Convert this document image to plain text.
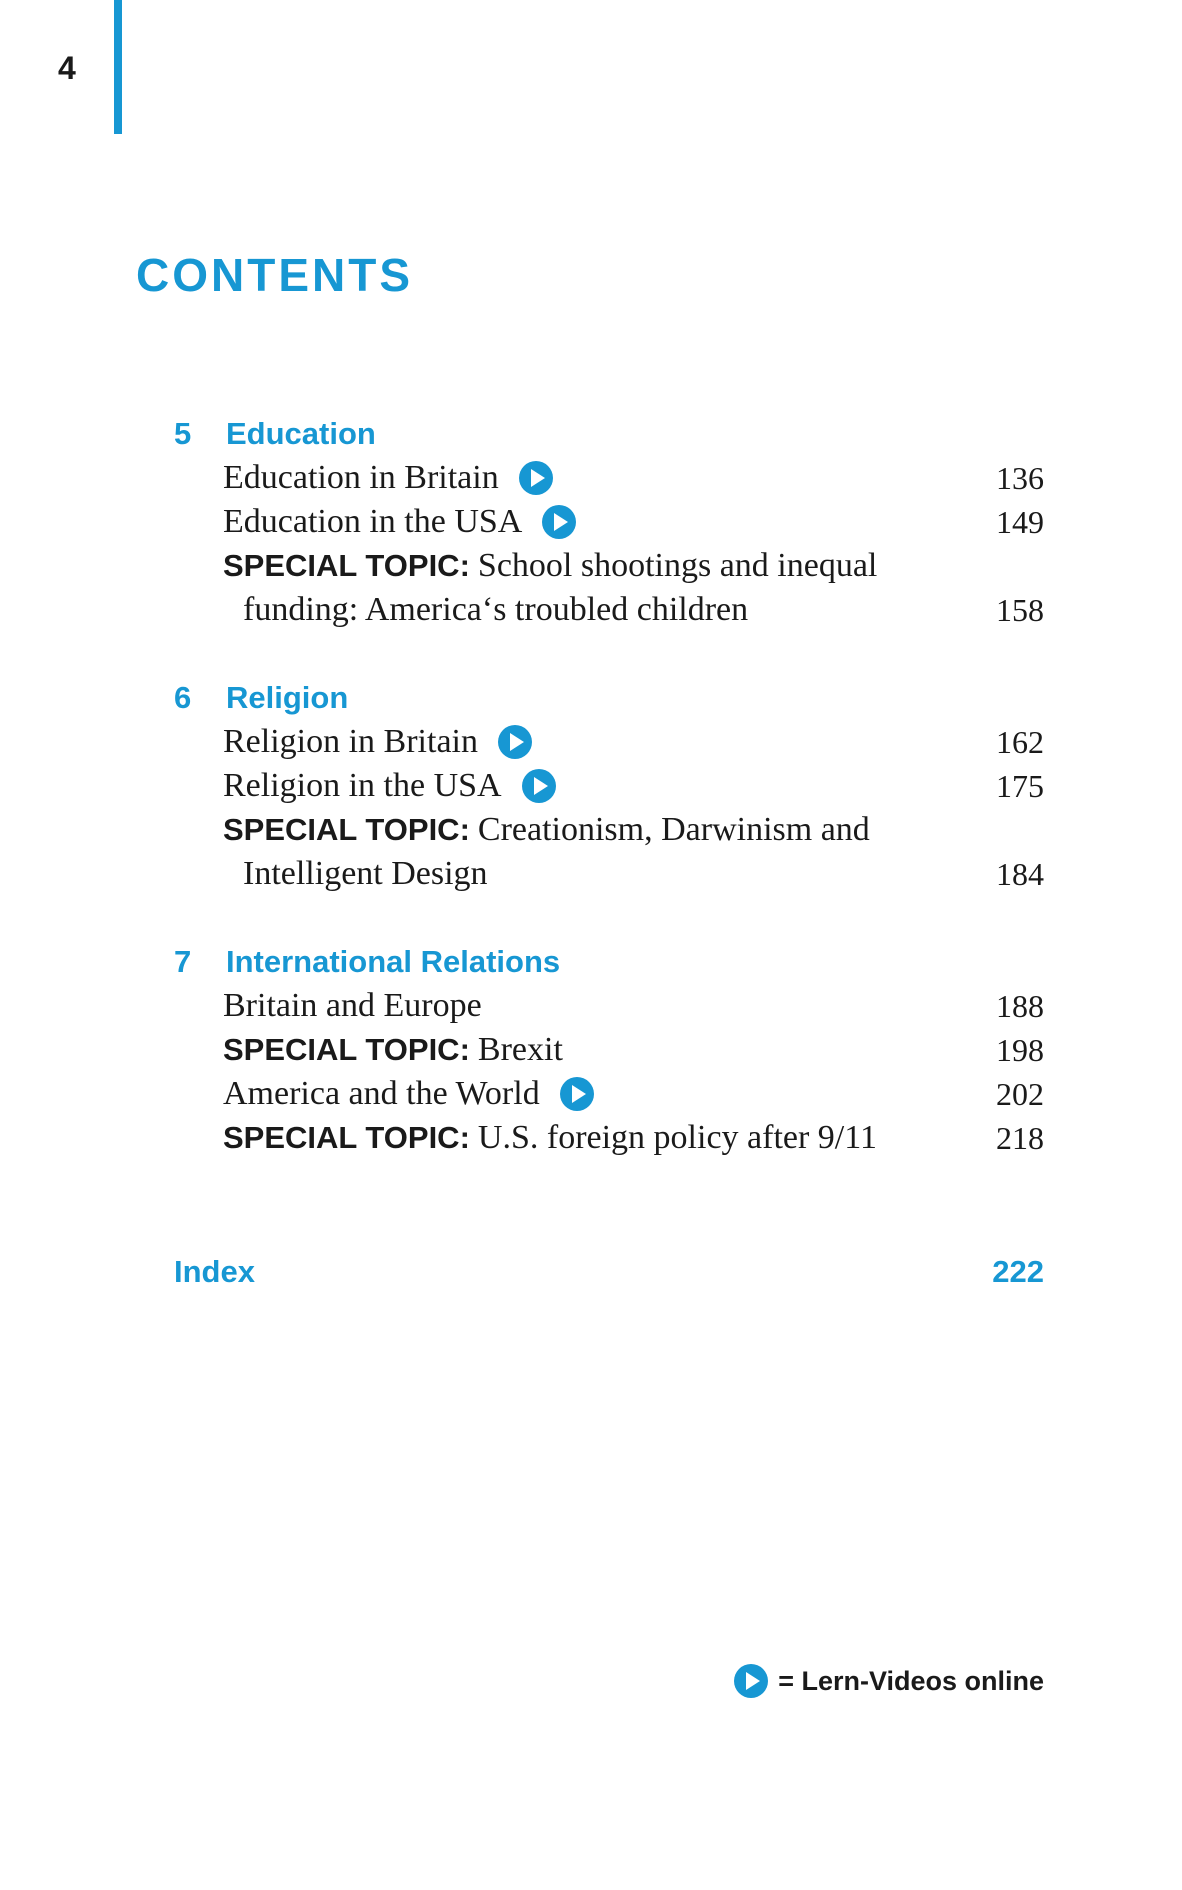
4
CONTENTS
5 Education
Education in Britain	136
Education in the USA	149
SPECIAL TOPIC: School shootings and inequal
funding: America‘s troubled children	158
6 Religion
Religion in Britain	162
Religion in the USA	175
SPECIAL TOPIC: Creationism, Darwinism and
Intelligent Design	184
7 International Relations
Britain and Europe	188
SPECIAL TOPIC: Brexit	198
America and the World	202
SPECIAL TOPIC: U.S. foreign policy after 9/11	218
Index	222
= Lern-Videos online
